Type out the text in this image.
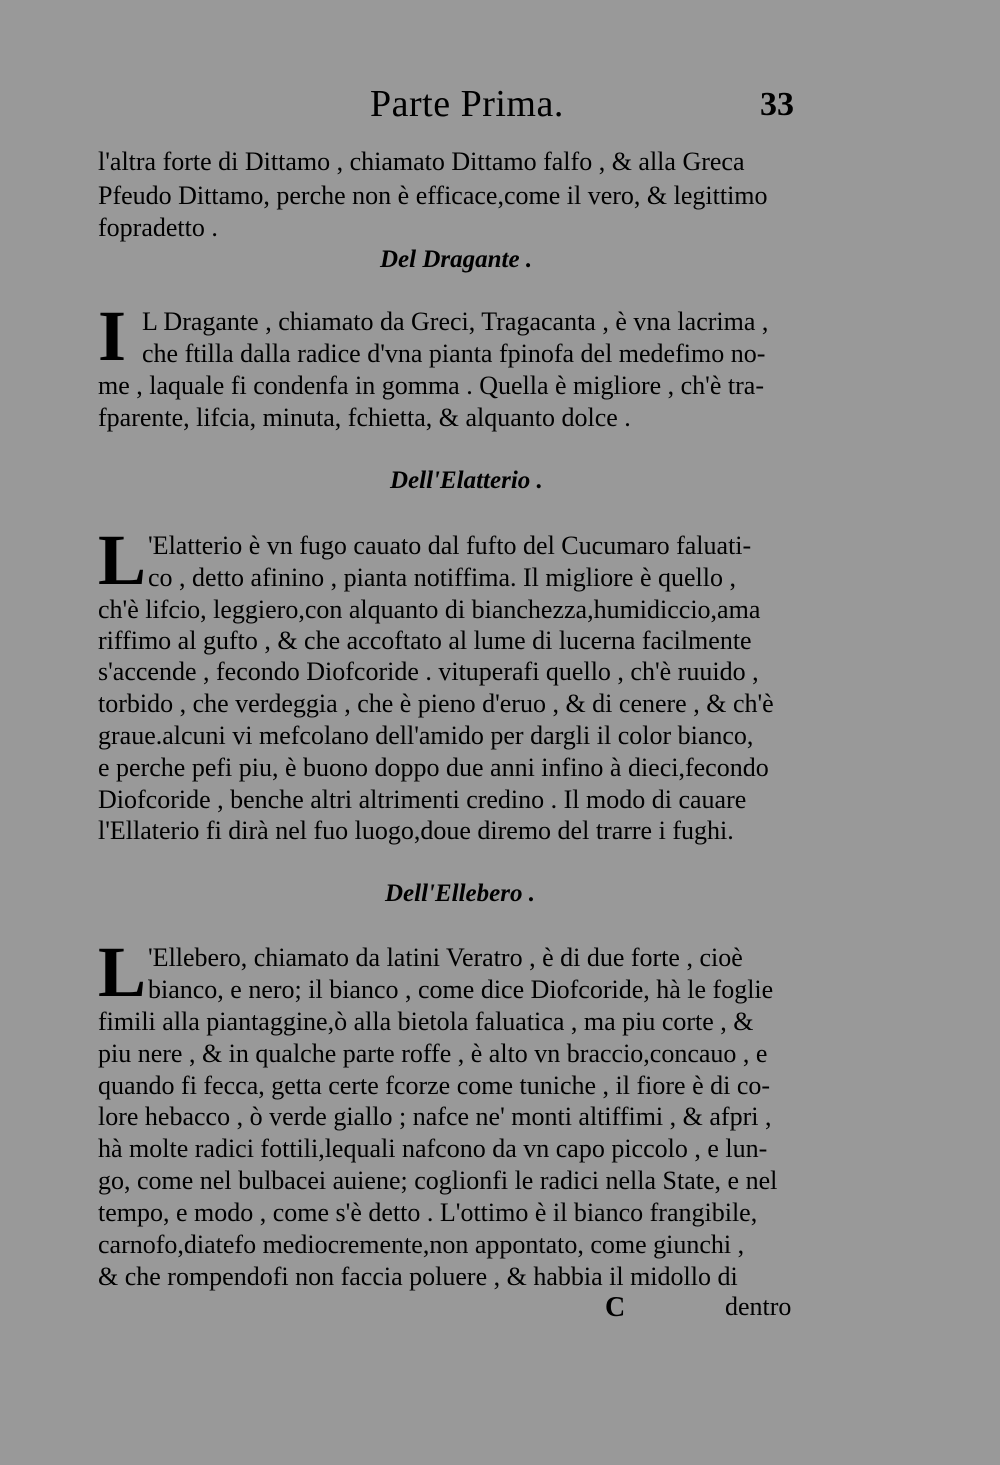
Parte Prima.	33
l'altra forte di Dittamo , chiamato Dittamo falfo , & alla Greca
Pfeudo Dittamo, perche non è efficace,come il vero, & legittimo
fopradetto .
Del Dragante .
I L Dragante , chiamato da Greci, Tragacanta , è vna lacrima ,
che ftilla dalla radice d'vna pianta fpinofa del medefimo no-
me , laquale fi condenfa in gomma . Quella è migliore , ch'è tra-
fparente, lifcia, minuta, fchietta, & alquanto dolce .
Dell'Elatterio .
L 'Elatterio è vn fugo cauato dal fufto del Cucumaro faluati-
co , detto afinino , pianta notiffima. Il migliore è quello ,
ch'è lifcio, leggiero,con alquanto di bianchezza,humidiccio,ama
riffimo al gufto , & che accoftato al lume di lucerna facilmente
s'accende , fecondo Diofcoride . vituperafi quello , ch'è ruuido ,
torbido , che verdeggia , che è pieno d'eruo , & di cenere , & ch'è
graue.alcuni vi mefcolano dell'amido per dargli il color bianco,
e perche pefi piu, è buono doppo due anni infino à dieci,fecondo
Diofcoride , benche altri altrimenti credino . Il modo di cauare
l'Ellaterio fi dirà nel fuo luogo,doue diremo del trarre i fughi.
Dell'Ellebero .
L 'Ellebero, chiamato da latini Veratro , è di due forte , cioè
bianco, e nero; il bianco , come dice Diofcoride, hà le foglie
fimili alla piantaggine,ò alla bietola faluatica , ma piu corte , &
piu nere , & in qualche parte roffe , è alto vn braccio,concauo , e
quando fi fecca, getta certe fcorze come tuniche , il fiore è di co-
lore hebacco , ò verde giallo ; nafce ne' monti altiffimi , & afpri ,
hà molte radici fottili,lequali nafcono da vn capo piccolo , e lun-
go, come nel bulbacei auiene; coglionfi le radici nella State, e nel
tempo, e modo , come s'è detto . L'ottimo è il bianco frangibile,
carnofo,diatefo mediocremente,non appontato, come giunchi ,
& che rompendofi non faccia poluere , & habbia il midollo di
C	dentro
